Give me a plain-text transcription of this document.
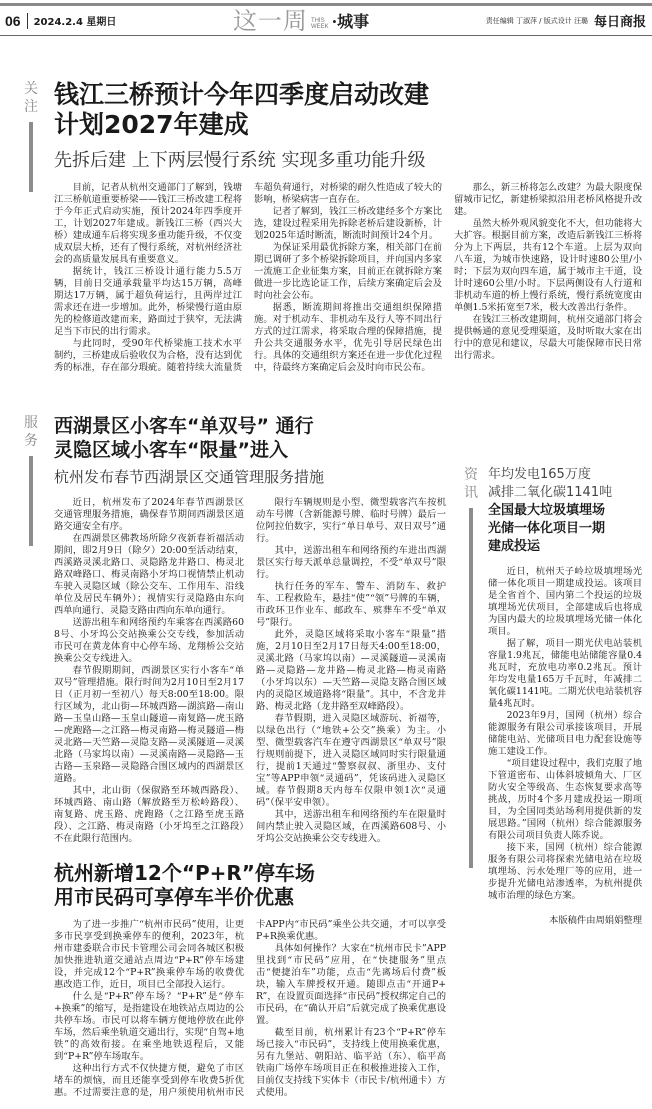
06	2024.2.4 星期日	这一周 THIS
WEEK ·城事	责任编辑 丁淑萍 / 版式设计 汪璐 每日商报
关注 钱江三桥预计今年四季度启动改建
计划2027年建成
先拆后建 上下两层慢行系统 实现多重功能升级

目前，记者从杭州交通部门了解到，钱塘江三桥航道重要桥梁——钱江三桥改建工程将于今年正式启动实施，预计2024年四季度开工，计划2027年建成。新钱江三桥（西兴大桥）建成通车后将实现多重功能升级，不仅变成双层大桥，还有了慢行系统，对杭州经济社会的高质量发展具有重要意义。

据统计，钱江三桥设计通行能力5.5万辆，目前日交通承载量平均达15万辆，高峰期达17万辆，属于超负荷运行，且两岸过江需求还在进一步增加。此外，桥梁慢行道由原先的检修道改建而来，路面过于狭窄，无法满足当下市民的出行需求。

与此同时，受90年代桥梁施工技术水平制约，三桥建成后验收仅为合格，没有达到优秀的标准，存在部分瑕疵。随着持续大流量货车超负荷通行，对桥梁的耐久性造成了较大的影响，桥梁病害一直存在。

记者了解到，钱江三桥改建经多个方案比选，建设过程采用先拆除老桥后建设新桥，计划2025年适时断流，断流时间预计24个月。

为保证采用最优拆除方案，相关部门在前期已调研了多个桥梁拆除项目，并向国内多家一流施工企业征集方案，目前正在就拆除方案做进一步比选论证工作，后续方案确定后会及时向社会公布。

据悉，断流期间将推出交通组织保障措施。对于机动车、非机动车及行人等不同出行方式的过江需求，将采取合理的保障措施，提升公共交通服务水平，优先引导居民绿色出行。具体的交通组织方案还在进一步优化过程中，待最终方案确定后会及时向市民公布。

那么，新三桥将怎么改建？为最大限度保留城市记忆，新建桥梁拟沿用老桥风格提升改建。

虽然大桥外观风貌变化不大，但功能将大大扩容。根据目前方案，改造后新钱江三桥将分为上下两层，共有12个车道。上层为双向八车道，为城市快速路，设计时速80公里/小时；下层为双向四车道，属于城市主干道，设计时速60公里/小时。下层两侧设有人行道和非机动车道的桥上慢行系统，慢行系统宽度由单侧1.5米拓宽至7米，极大改善出行条件。

在钱江三桥改建期间，杭州交通部门将会提供畅通的意见受理渠道，及时听取大家在出行中的意见和建议，尽最大可能保障市民日常出行需求。

服务
西湖景区小客车“单双号” 通行
灵隐区域小客车“限量”进入
杭州发布春节西湖景区交通管理服务措施

近日，杭州发布了2024年春节西湖景区交通管理服务措施，确保春节期间西湖景区道路交通安全有序。

在西湖景区佛教场所除夕夜新春祈福活动期间，即2月9日（除夕）20:00至活动结束，西溪路灵溪北路口、灵隐路龙井路口、梅灵北路双峰路口、梅灵南路小牙坞口视情禁止机动车驶入灵隐区域（除公交车、工作用车、沿线单位及居民车辆外）；视情实行灵隐路由东向西单向通行、灵隐支路由西向东单向通行。

送游出租车和网络预约车乘客在西溪路608号、小牙坞公交站换乘公交专线，参加活动市民可在黄龙体育中心停车场、龙翔桥公交站换乘公交专线进入。

春节假期期间，西湖景区实行小客车“单双号”管理措施。限行时间为2月10日至2月17日（正月初一至初八）每天8:00至18:00。限行区域为，北山街—环城西路—湖滨路—南山路—玉皇山路—玉皇山隧道—南复路—虎玉路—虎跑路—之江路—梅灵南路—梅灵隧道—梅灵北路—天竺路—灵隐支路—灵溪隧道—灵溪北路（马家坞以南）—灵溪南路—灵隐路—玉古路—玉泉路—灵隐路合围区域内的西湖景区道路。

其中，北山街（保俶路至环城西路段）、环城西路、南山路（解放路至万松岭路段）、南复路、虎玉路、虎跑路（之江路至虎玉路段）、之江路、梅灵南路（小牙坞至之江路段）不在此限行范围内。

限行车辆规则是小型、微型载客汽车按机动车号牌（含新能源号牌、临时号牌）最后一位阿拉伯数字，实行“单日单号、双日双号”通行。

其中，送游出租车和网络预约车进出西湖景区实行每天派单总量调控，不受“单双号”限行。

执行任务的军车、警车、消防车、救护车、工程救险车，悬挂“使”“领”号牌的车辆，市政环卫作业车、邮政车、殡葬车不受“单双号”限行。

此外，灵隐区域将采取小客车“限量”措施，2月10日至2月17日每天4:00至18:00，灵溪北路（马家坞以南）—灵溪隧道—灵溪南路—灵隐路—龙井路—梅灵北路—梅灵南路（小牙坞以东）—天竺路—灵隐支路合围区域内的灵隐区域道路将“限量”。其中，不含龙井路、梅灵北路（龙井路至双峰路段）。

春节假期，进入灵隐区域游玩、祈福等，以绿色出行（“地铁+公交”换乘）为主。小型、微型载客汽车在遵守西湖景区“单双号”限行规则前提下，进入灵隐区域同时实行限量通行，提前1天通过“警察叔叔、浙里办、支付宝”等APP申领“灵通码”，凭该码进入灵隐区域。春节假期8天内每车仅限申领1次“灵通码”（保平安申领）。

其中，送游出租车和网络预约车在限量时间内禁止驶入灵隐区域，在西溪路608号、小牙坞公交站换乘公交专线进入。

杭州新增12个“P+R”停车场
用市民码可享停车半价优惠

为了进一步推广“杭州市民码”使用，让更多市民享受到换乘停车的便利，2023年，杭州市建委联合市民卡管理公司会同各城区积极加快推进轨道交通站点周边“P+R”停车场建设，并完成12个“P+R”换乘停车场的收费优惠改造工作，近日，项目已全部投入运行。

什么是“P+R”停车场？“P+R”是“停车+换乘”的缩写，是指建设在地铁站点周边的公共停车场。市民可以将车辆方便地停放在此停车场，然后乘坐轨道交通出行，实现“自驾+地铁”的高效衔接。在乘坐地铁返程后，又能到“P+R”停车场取车。

这种出行方式不仅快捷方便，避免了市区堵车的烦恼，而且还能享受到停车收费5折优惠。不过需要注意的是，用户须使用杭州市民卡APP内“市民码”乘坐公共交通，才可以享受P+R换乘优惠。

具体如何操作？大家在“杭州市民卡”APP里找到“市民码”应用，在“快捷服务”里点击“便捷泊车”功能，点击“先离场后付费”板块，输入车牌授权开通。随即点击“开通P+R”，在设置页面选择“市民码”授权绑定自己的市民码，在“确认开启”后就完成了换乘优惠设置。

截至目前，杭州累计有23个“P+R”停车场已接入“市民码”，支持线上使用换乘优惠，另有九堡站、朝阳站、临平站（东）、临平高铁南广场停车场项目正在积极推进接入工作，目前仅支持线下实体卡（市民卡/杭州通卡）方式使用。

资讯
年均发电165万度
减排二氧化碳1141吨
全国最大垃圾填埋场
光储一体化项目一期
建成投运

近日，杭州天子岭垃圾填埋场光储一体化项目一期建成投运。该项目是全省首个、国内第二个投运的垃圾填埋场光伏项目，全部建成后也将成为国内最大的垃圾填埋场光储一体化项目。

据了解，项目一期光伏电站装机容量1.9兆瓦，储能电站储能容量0.4兆瓦时，充放电功率0.2兆瓦。预计年均发电量165万千瓦时，年减排二氧化碳1141吨。二期光伏电站装机容量4兆瓦时。

2023年9月，国网（杭州）综合能源服务有限公司承接该项目，开展储能电站、光储项目电力配套设施等施工建设工作。

“项目建设过程中，我们克服了地下管道密布、山体斜坡倾角大、厂区防火安全等级高、生态恢复要求高等挑战，历时4个多月建成投运一期项目，为全国同类站场利用提供新的发展思路。”国网（杭州）综合能源服务有限公司项目负责人陈乔说。

接下来，国网（杭州）综合能源服务有限公司将探索光储电站在垃圾填埋场、污水处理厂等的应用，进一步提升光储电站渗透率，为杭州提供城市治理的绿色方案。

本版稿件由周娟娟整理
